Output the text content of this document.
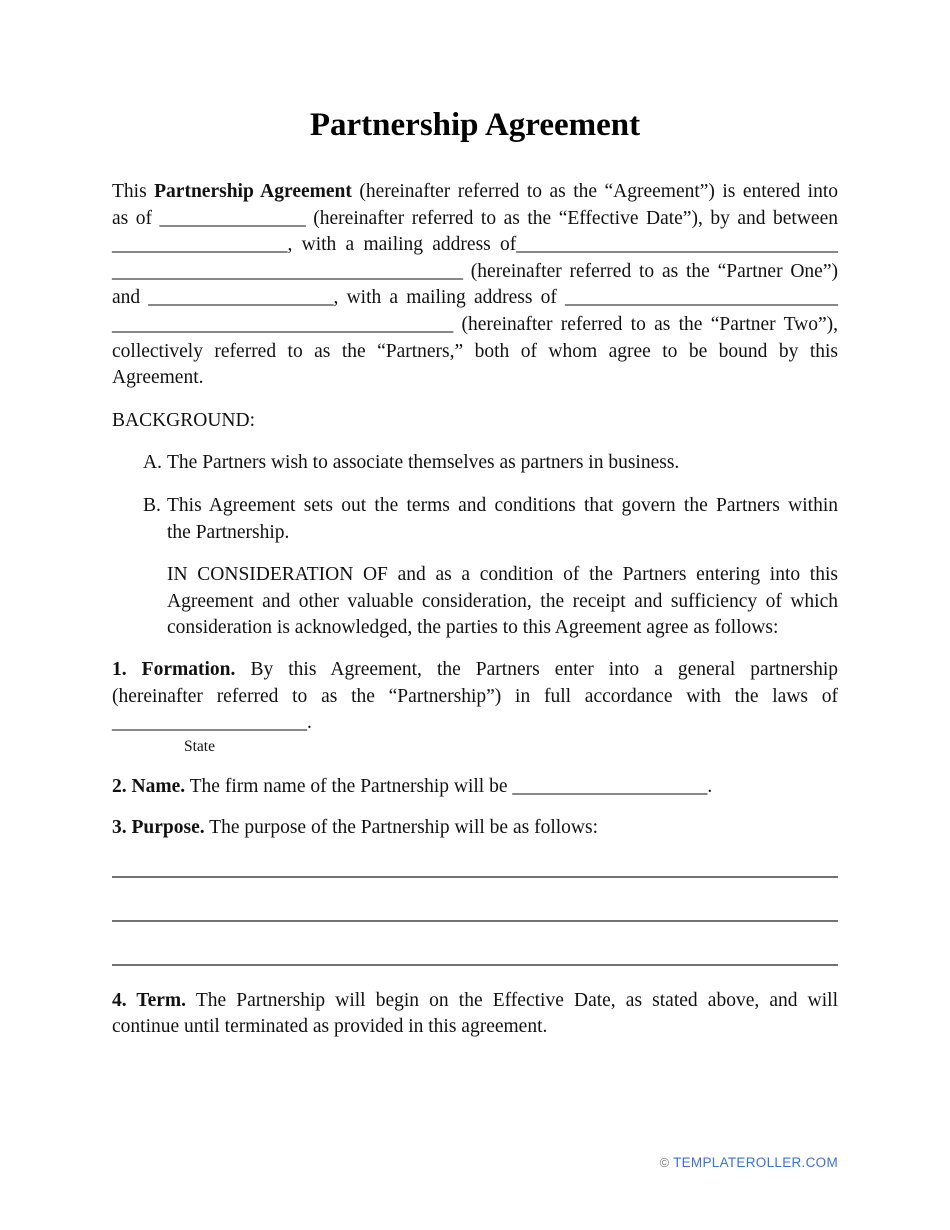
Partnership Agreement
This Partnership Agreement (hereinafter referred to as the “Agreement”) is entered into
as of _______________ (hereinafter referred to as the “Effective Date”), by and between
__________________, with a mailing address of_________________________________
____________________________________ (hereinafter referred to as the “Partner One”)
and ___________________, with a mailing address of ____________________________
___________________________________ (hereinafter referred to as the “Partner Two”),
collectively referred to as the “Partners,” both of whom agree to be bound by this
Agreement.
BACKGROUND:
A. The Partners wish to associate themselves as partners in business.
B. This Agreement sets out the terms and conditions that govern the Partners within
the Partnership.
IN CONSIDERATION OF and as a condition of the Partners entering into this
Agreement and other valuable consideration, the receipt and sufficiency of which
consideration is acknowledged, the parties to this Agreement agree as follows:
1. Formation. By this Agreement, the Partners enter into a general partnership
(hereinafter referred to as the “Partnership”) in full accordance with the laws of
____________________.
State
2. Name. The firm name of the Partnership will be ____________________.
3. Purpose. The purpose of the Partnership will be as follows:
4. Term. The Partnership will begin on the Effective Date, as stated above, and will
continue until terminated as provided in this agreement.
© TEMPLATEROLLER.COM
